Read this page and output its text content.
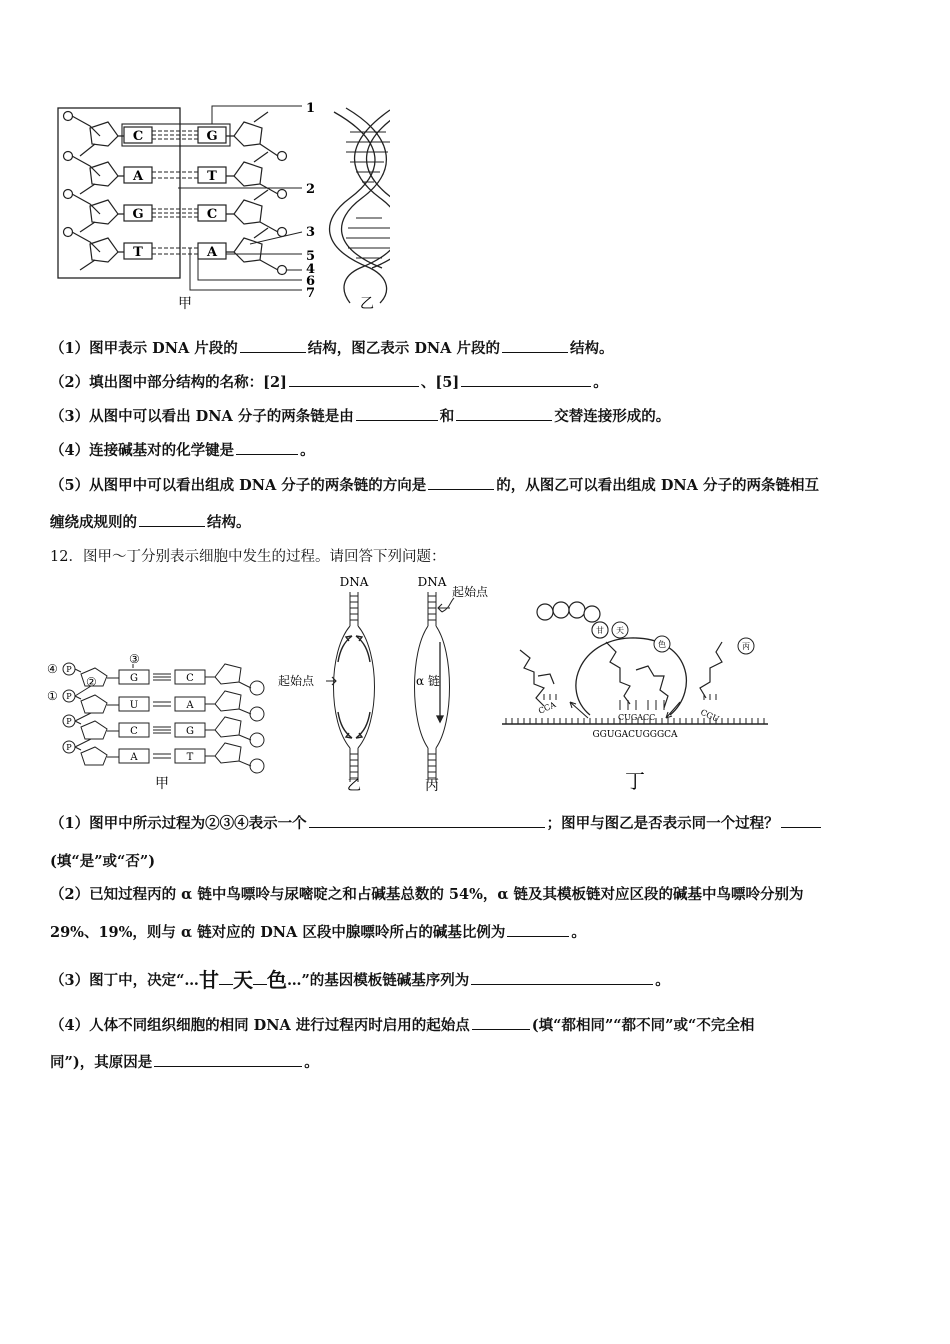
C
A
G
T
G
T
C
A
1
2
3
5
4
6
7
甲	乙
（1）图甲表示 DNA 片段的	结构，图乙表示 DNA 片段的	结构。
（2）填出图中部分结构的名称：[2]	、[5]	。
（3）从图中可以看出 DNA 分子的两条链是由	和	交替连接形成的。
（4）连接碱基对的化学键是	。
（5）从图甲中可以看出组成 DNA 分子的两条链的方向是	的，从图乙可以看出组成 DNA 分子的两条链相互
缠绕成规则的	结构。
12．图甲～丁分别表示细胞中发生的过程。请回答下列问题：
④
①
②
③
P
P
P
P
G
U
C
A
C
A
G
T
甲
DNA
起始点
乙
DNA
起始点
α 链
丙
甘 天
色	丙
CCA
CUGACC	CGU
GGUGACUGGGCA
丁
（1）图甲中所示过程为②③④表示一个	；图甲与图乙是否表示同一个过程？
(填“是”或“否”)
（2）已知过程丙的 α 链中鸟嘌呤与尿嘧啶之和占碱基总数的 54%，α 链及其模板链对应区段的碱基中鸟嘌呤分别为
29%、19%，则与 α 链对应的 DNA 区段中腺嘌呤所占的碱基比例为	。
（3）图丁中，决定“…甘 天 色…”的基因模板链碱基序列为	。
（4）人体不同组织细胞的相同 DNA 进行过程丙时启用的起始点	(填“都相同”“都不同”或“不完全相
同”)，其原因是	。
